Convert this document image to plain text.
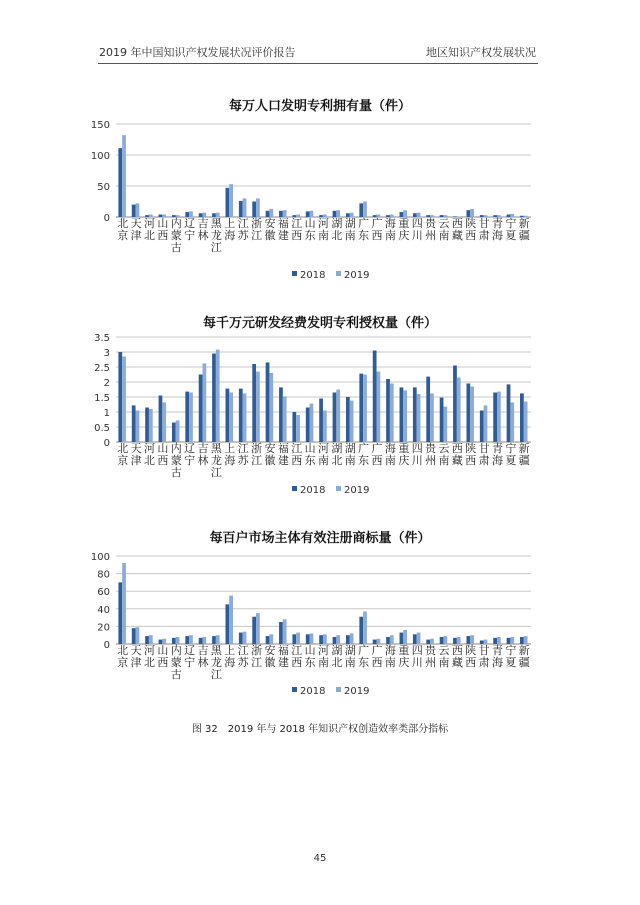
2019 年中国知识产权发展状况评价报告	地区知识产权发展状况
每万人口发明专利拥有量（件）
0
50
100
150
北京
天津
河北
山西
内蒙古
辽宁
吉林
黑龙江
上海
江苏
浙江
安徽
福建
江西
山东
河南
湖北
湖南
广东
广西
海南
重庆
四川
贵州
云南
西藏
陕西
甘肃
青海
宁夏
新疆
2018 2019
每千万元研发经费发明专利授权量（件）
0
0.5
1
1.5
2
2.5
3
3.5
北京
天津
河北
山西
内蒙古
辽宁
吉林
黑龙江
上海
江苏
浙江
安徽
福建
江西
山东
河南
湖北
湖南
广东
广西
海南
重庆
四川
贵州
云南
西藏
陕西
甘肃
青海
宁夏
新疆
2018 2019
每百户市场主体有效注册商标量（件）
0
20
40
60
80
100
北京
天津
河北
山西
内蒙古
辽宁
吉林
黑龙江
上海
江苏
浙江
安徽
福建
江西
山东
河南
湖北
湖南
广东
广西
海南
重庆
四川
贵州
云南
西藏
陕西
甘肃
青海
宁夏
新疆
2018 2019
图 32　2019 年与 2018 年知识产权创造效率类部分指标
45
